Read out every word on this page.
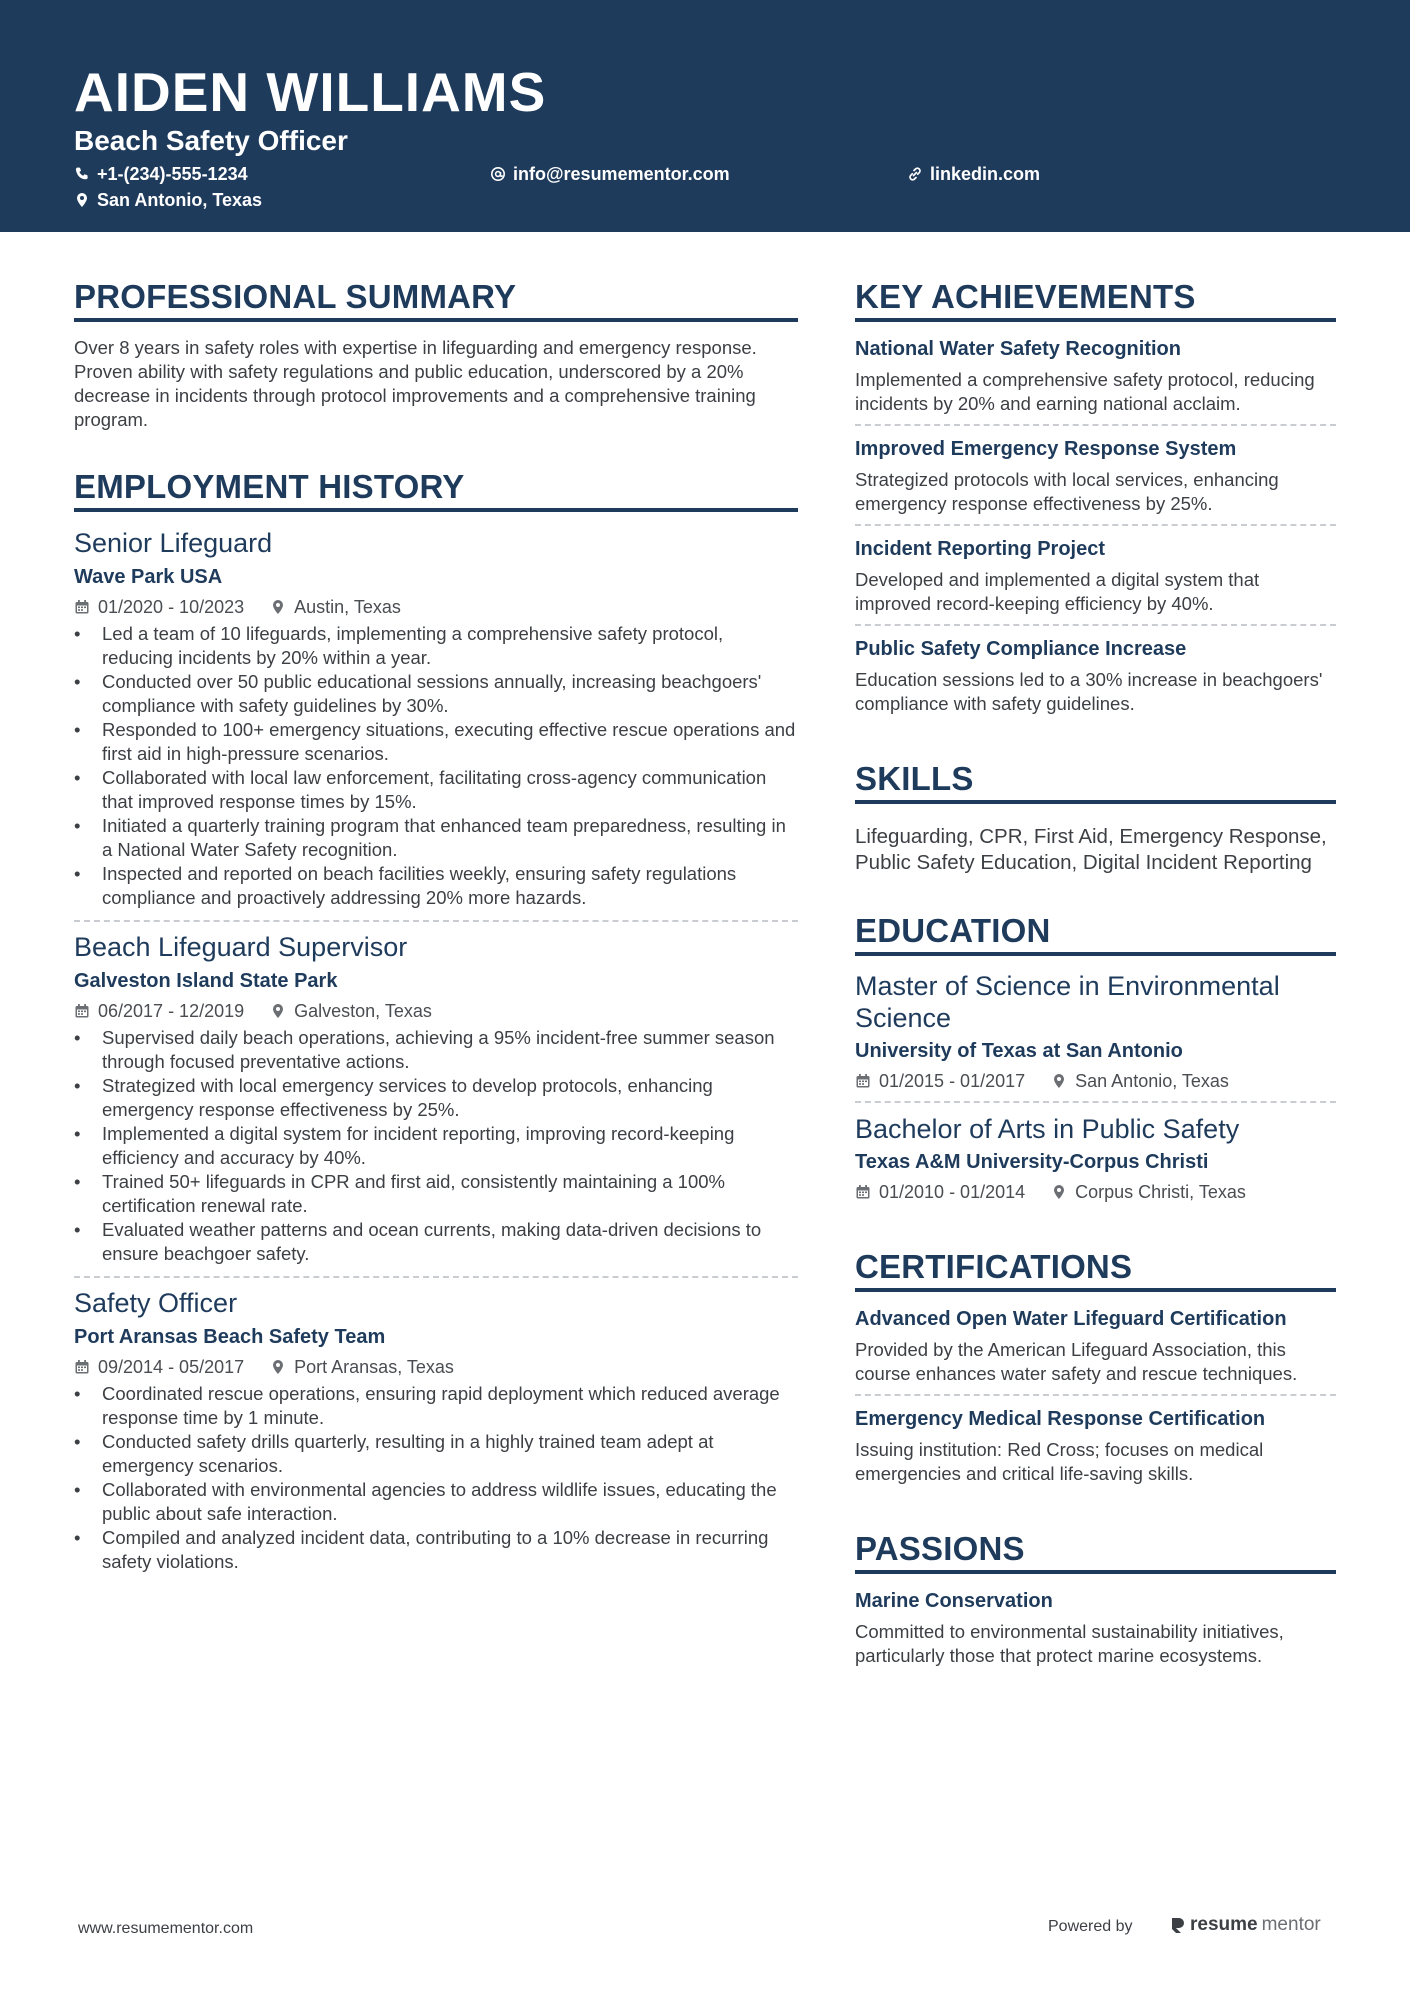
AIDEN WILLIAMS
Beach Safety Officer
+1-(234)-555-1234	info@resumementor.com	linkedin.com
San Antonio, Texas
PROFESSIONAL SUMMARY
Over 8 years in safety roles with expertise in lifeguarding and emergency response. Proven ability with safety regulations and public education, underscored by a 20% decrease in incidents through protocol improvements and a comprehensive training program.
EMPLOYMENT HISTORY
Senior Lifeguard
Wave Park USA
01/2020 - 10/2023	Austin, Texas
• Led a team of 10 lifeguards, implementing a comprehensive safety protocol, reducing incidents by 20% within a year.
• Conducted over 50 public educational sessions annually, increasing beachgoers' compliance with safety guidelines by 30%.
• Responded to 100+ emergency situations, executing effective rescue operations and first aid in high-pressure scenarios.
• Collaborated with local law enforcement, facilitating cross-agency communication that improved response times by 15%.
• Initiated a quarterly training program that enhanced team preparedness, resulting in a National Water Safety recognition.
• Inspected and reported on beach facilities weekly, ensuring safety regulations compliance and proactively addressing 20% more hazards.
Beach Lifeguard Supervisor
Galveston Island State Park
06/2017 - 12/2019	Galveston, Texas
• Supervised daily beach operations, achieving a 95% incident-free summer season through focused preventative actions.
• Strategized with local emergency services to develop protocols, enhancing emergency response effectiveness by 25%.
• Implemented a digital system for incident reporting, improving record-keeping efficiency and accuracy by 40%.
• Trained 50+ lifeguards in CPR and first aid, consistently maintaining a 100% certification renewal rate.
• Evaluated weather patterns and ocean currents, making data-driven decisions to ensure beachgoer safety.
Safety Officer
Port Aransas Beach Safety Team
09/2014 - 05/2017	Port Aransas, Texas
• Coordinated rescue operations, ensuring rapid deployment which reduced average response time by 1 minute.
• Conducted safety drills quarterly, resulting in a highly trained team adept at emergency scenarios.
• Collaborated with environmental agencies to address wildlife issues, educating the public about safe interaction.
• Compiled and analyzed incident data, contributing to a 10% decrease in recurring safety violations.
KEY ACHIEVEMENTS
National Water Safety Recognition
Implemented a comprehensive safety protocol, reducing incidents by 20% and earning national acclaim.
Improved Emergency Response System
Strategized protocols with local services, enhancing emergency response effectiveness by 25%.
Incident Reporting Project
Developed and implemented a digital system that improved record-keeping efficiency by 40%.
Public Safety Compliance Increase
Education sessions led to a 30% increase in beachgoers' compliance with safety guidelines.
SKILLS
Lifeguarding, CPR, First Aid, Emergency Response, Public Safety Education, Digital Incident Reporting
EDUCATION
Master of Science in Environmental Science
University of Texas at San Antonio
01/2015 - 01/2017	San Antonio, Texas
Bachelor of Arts in Public Safety
Texas A&M University-Corpus Christi
01/2010 - 01/2014	Corpus Christi, Texas
CERTIFICATIONS
Advanced Open Water Lifeguard Certification
Provided by the American Lifeguard Association, this course enhances water safety and rescue techniques.
Emergency Medical Response Certification
Issuing institution: Red Cross; focuses on medical emergencies and critical life-saving skills.
PASSIONS
Marine Conservation
Committed to environmental sustainability initiatives, particularly those that protect marine ecosystems.
www.resumementor.com	Powered by	resume mentor
